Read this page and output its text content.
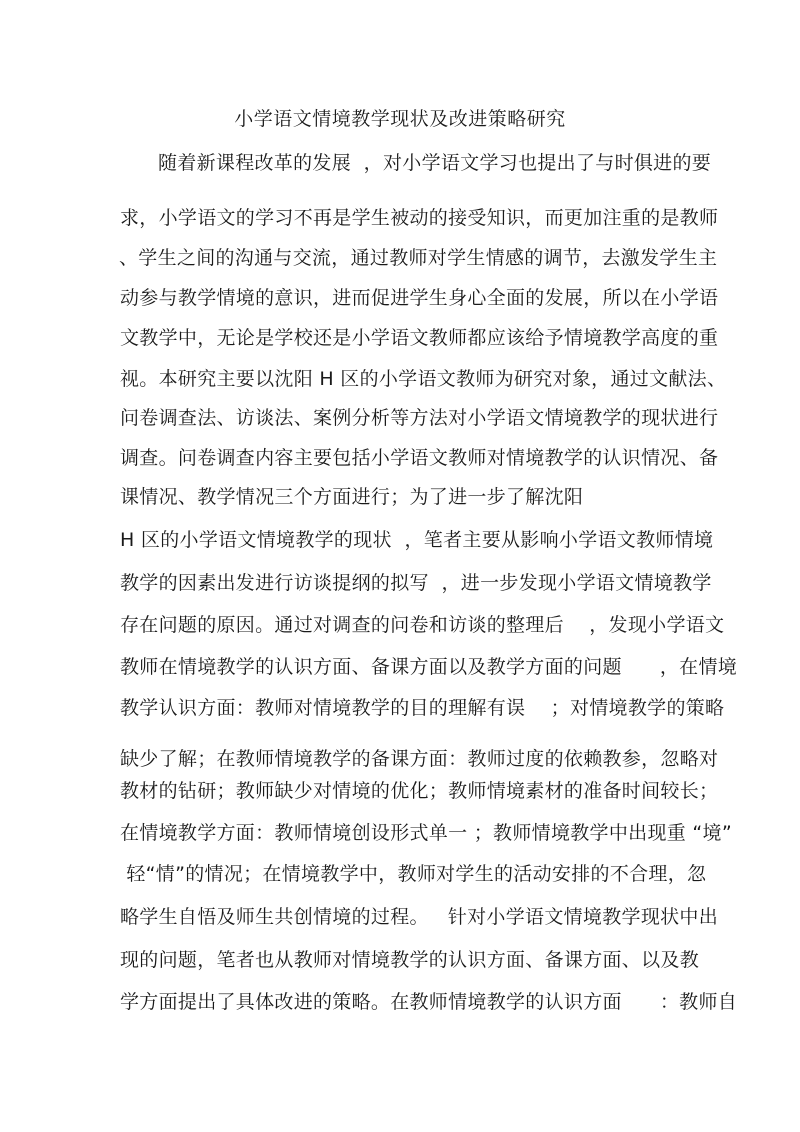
小学语文情境教学现状及改进策略研究
随着新课程改革的发展  ，对小学语文学习也提出了与时俱进的要
求，小学语文的学习不再是学生被动的接受知识，而更加注重的是教师
、学生之间的沟通与交流，通过教师对学生情感的调节，去激发学生主
动参与教学情境的意识，进而促进学生身心全面的发展，所以在小学语
文教学中，无论是学校还是小学语文教师都应该给予情境教学高度的重
视。本研究主要以沈阳 H 区的小学语文教师为研究对象，通过文献法、
问卷调查法、访谈法、案例分析等方法对小学语文情境教学的现状进行
调查。问卷调查内容主要包括小学语文教师对情境教学的认识情况、备
课情况、教学情况三个方面进行；为了进一步了解沈阳
H 区的小学语文情境教学的现状  ，笔者主要从影响小学语文教师情境
教学的因素出发进行访谈提纲的拟写  ，进一步发现小学语文情境教学
存在问题的原因。通过对调查的问卷和访谈的整理后    ，发现小学语文
教师在情境教学的认识方面、备课方面以及教学方面的问题      ，在情境
教学认识方面：教师对情境教学的目的理解有误    ；对情境教学的策略
缺少了解；在教师情境教学的备课方面：教师过度的依赖教参，忽略对
教材的钻研；教师缺少对情境的优化；教师情境素材的准备时间较长；
在情境教学方面：教师情境创设形式单一 ；教师情境教学中出现重 “境”
轻“情”的情况；在情境教学中，教师对学生的活动安排的不合理，忽
略学生自悟及师生共创情境的过程。   针对小学语文情境教学现状中出
现的问题，笔者也从教师对情境教学的认识方面、备课方面、以及教
学方面提出了具体改进的策略。在教师情境教学的认识方面      ：教师自
